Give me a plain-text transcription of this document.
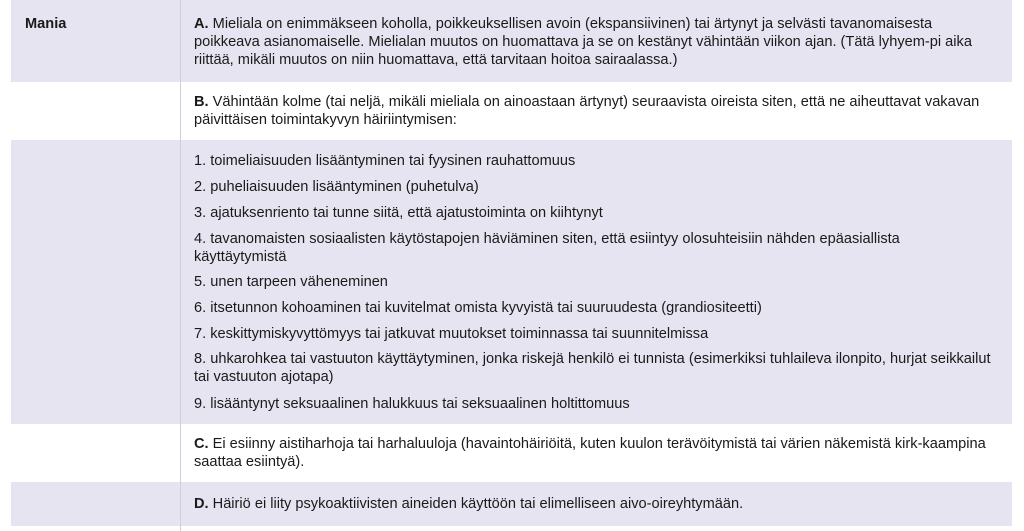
Mania	A. Mieliala on enimmäkseen koholla, poikkeuksellisen avoin (ekspansiivinen) tai ärtynyt ja selvästi tavanomaisesta poikkeava asianomaiselle. Mielialan muutos on huomattava ja se on kestänyt vähintään viikon ajan. (Tätä lyhyem-pi aika riittää, mikäli muutos on niin huomattava, että tarvitaan hoitoa sairaalassa.)
B. Vähintään kolme (tai neljä, mikäli mieliala on ainoastaan ärtynyt) seuraavista oireista siten, että ne aiheuttavat vakavan päivittäisen toimintakyvyn häiriintymisen:
1. toimeliaisuuden lisääntyminen tai fyysinen rauhattomuus
2. puheliaisuuden lisääntyminen (puhetulva)
3. ajatuksenriento tai tunne siitä, että ajatustoiminta on kiihtynyt
4. tavanomaisten sosiaalisten käytöstapojen häviäminen siten, että esiintyy olosuhteisiin nähden epäasiallista käyttäytymistä
5. unen tarpeen väheneminen
6. itsetunnon kohoaminen tai kuvitelmat omista kyvyistä tai suuruudesta (grandiositeetti)
7. keskittymiskyvyttömyys tai jatkuvat muutokset toiminnassa tai suunnitelmissa
8. uhkarohkea tai vastuuton käyttäytyminen, jonka riskejä henkilö ei tunnista (esimerkiksi tuhlaileva ilonpito, hurjat seikkailut tai vastuuton ajotapa)
9. lisääntynyt seksuaalinen halukkuus tai seksuaalinen holtittomuus
C. Ei esiinny aistiharhoja tai harhaluuloja (havaintohäiriöitä, kuten kuulon terävöitymistä tai värien näkemistä kirk-kaampina saattaa esiintyä).
D. Häiriö ei liity psykoaktiivisten aineiden käyttöön tai elimelliseen aivo-oireyhtymään.
